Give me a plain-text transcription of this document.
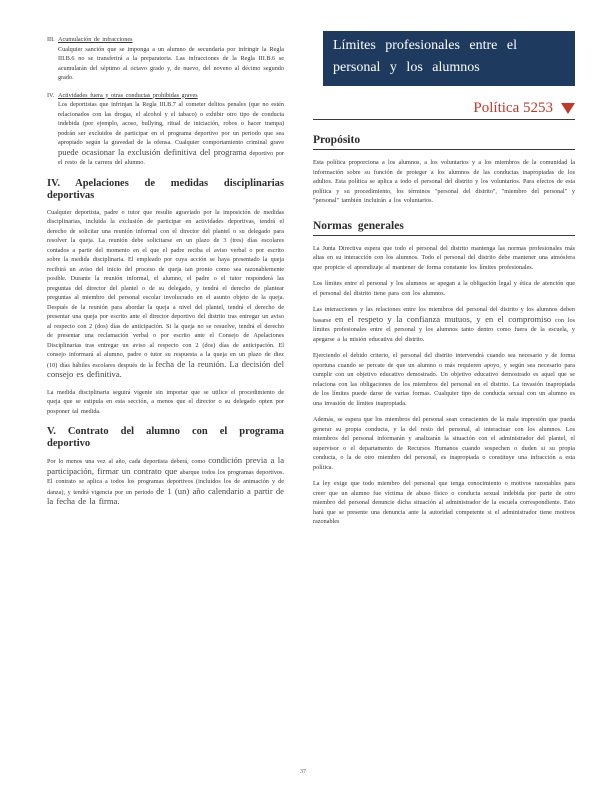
III. Acumulación de infracciones
Cualquier sanción que se imponga a un alumno de secundaria por infringir la Regla III.B.6 no se transferirá a la preparatoria. Las infracciones de la Regla III.B.6 se acumularán del séptimo al octavo grado y, de nuevo, del noveno al décimo segundo grado.

IV. Actividades fuera y otras conductas prohibidas graves
Los deportistas que infrinjan la Regla III.B.7 al cometer delitos penales (que no estén relacionados con las drogas, el alcohol y el tabaco) o exhibir otro tipo de conducta indebida (por ejemplo, acoso, bullying, ritual de iniciación, robos o hacer trampa) podrán ser excluidos de participar en el programa deportivo por un periodo que sea apropiado según la gravedad de la ofensa. Cualquier comportamiento criminal grave puede ocasionar la exclusión definitiva del programa deportivo por el resto de la carrera del alumno.

IV. Apelaciones de medidas disciplinarias deportivas

Cualquier deportista, padre o tutor que resulte agraviado por la imposición de medidas disciplinarias, incluida la exclusión de participar en actividades deportivas, tendrá el derecho de solicitar una reunión informal con el director del plantel o su delegado para resolver la queja. La reunión debe solicitarse en un plazo de 3 (tres) días escolares contados a partir del momento en el que el padre reciba el aviso verbal o por escrito sobre la medida disciplinaria. El empleado por cuya acción se haya presentado la queja recibirá un aviso del inicio del proceso de queja tan pronto como sea razonablemente posible. Durante la reunión informal, el alumno, el padre o el tutor responderá las preguntas del director del plantel o de su delegado, y tendrá el derecho de plantear preguntas al miembro del personal escolar involucrado en el asunto objeto de la queja. Después de la reunión para abordar la queja a nivel del plantel, tendrá el derecho de presentar una queja por escrito ante el director deportivo del distrito tras entregar un aviso al respecto con 2 (dos) días de anticipación. Si la queja no se resuelve, tendrá el derecho de presentar una reclamación verbal o por escrito ante el Consejo de Apelaciones Disciplinarias tras entregar un aviso al respecto con 2 (dos) días de anticipación. El consejo informará al alumno, padre o tutor su respuesta a la queja en un plazo de diez (10) días hábiles escolares después de la fecha de la reunión. La decisión del consejo es definitiva.

La medida disciplinaria seguirá vigente sin importar que se utilice el procedimiento de queja que se estipula en esta sección, a menos que el director o su delegado opten por posponer tal medida.

V. Contrato del alumno con el programa deportivo

Por lo menos una vez al año, cada deportista deberá, como condición previa a la participación, firmar un contrato que abarque todos los programas deportivos. El contrato se aplica a todos los programas deportivos (incluidos los de animación y de danza), y tendrá vigencia por un periodo de 1 (un) año calendario a partir de la fecha de la firma.

Límites profesionales entre el
personal y los alumnos
Política 5253
Propósito

Esta política proporciona a los alumnos, a los voluntarios y a los miembros de la comunidad la información sobre su función de proteger a los alumnos de las conductas inapropiadas de los adultos. Esta política se aplica a todo el personal del distrito y los voluntarios. Para efectos de esta política y su procedimiento, los términos "personal del distrito", "miembro del personal" y "personal" también incluirán a los voluntarios.

Normas generales

La Junta Directiva espera que todo el personal del distrito mantenga las normas profesionales más altas en su interacción con los alumnos. Todo el personal del distrito debe mantener una atmósfera que propicie el aprendizaje al mantener de forma constante los límites profesionales.

Los límites entre el personal y los alumnos se apegan a la obligación legal y ética de atención que el personal del distrito tiene para con los alumnos.

Las interacciones y las relaciones entre los miembros del personal del distrito y los alumnos deben basarse en el respeto y la confianza mutuos, y en el compromiso con los límites profesionales entre el personal y los alumnos tanto dentro como fuera de la escuela, y apegarse a la misión educativa del distrito.

Ejerciendo el debido criterio, el personal del distrito intervendrá cuando sea necesario y de forma oportuna cuando se percate de que un alumno o más requieren apoyo, y según sea necesario para cumplir con un objetivo educativo demostrado. Un objetivo educativo demostrado es aquel que se relaciona con las obligaciones de los miembros del personal en el distrito. La invasión inapropiada de los límites puede darse de varias formas. Cualquier tipo de conducta sexual con un alumno es una invasión de límites inapropiada.

Además, se espera que los miembros del personal sean conscientes de la mala impresión que pueda generar su propia conducta, y la del resto del personal, al interactuar con los alumnos. Los miembros del personal informarán y analizarán la situación con el administrador del plantel, el supervisor o el departamento de Recursos Humanos cuando sospechen o duden si su propia conducta, o la de otro miembro del personal, es inapropiada o constituye una infracción a esta política.

La ley exige que todo miembro del personal que tenga conocimiento o motivos razonables para creer que un alumno fue víctima de abuso físico o conducta sexual indebida por parte de otro miembro del personal denuncie dicha situación al administrador de la escuela correspondiente. Esto hará que se presente una denuncia ante la autoridad competente si el administrador tiene motivos razonables

37
